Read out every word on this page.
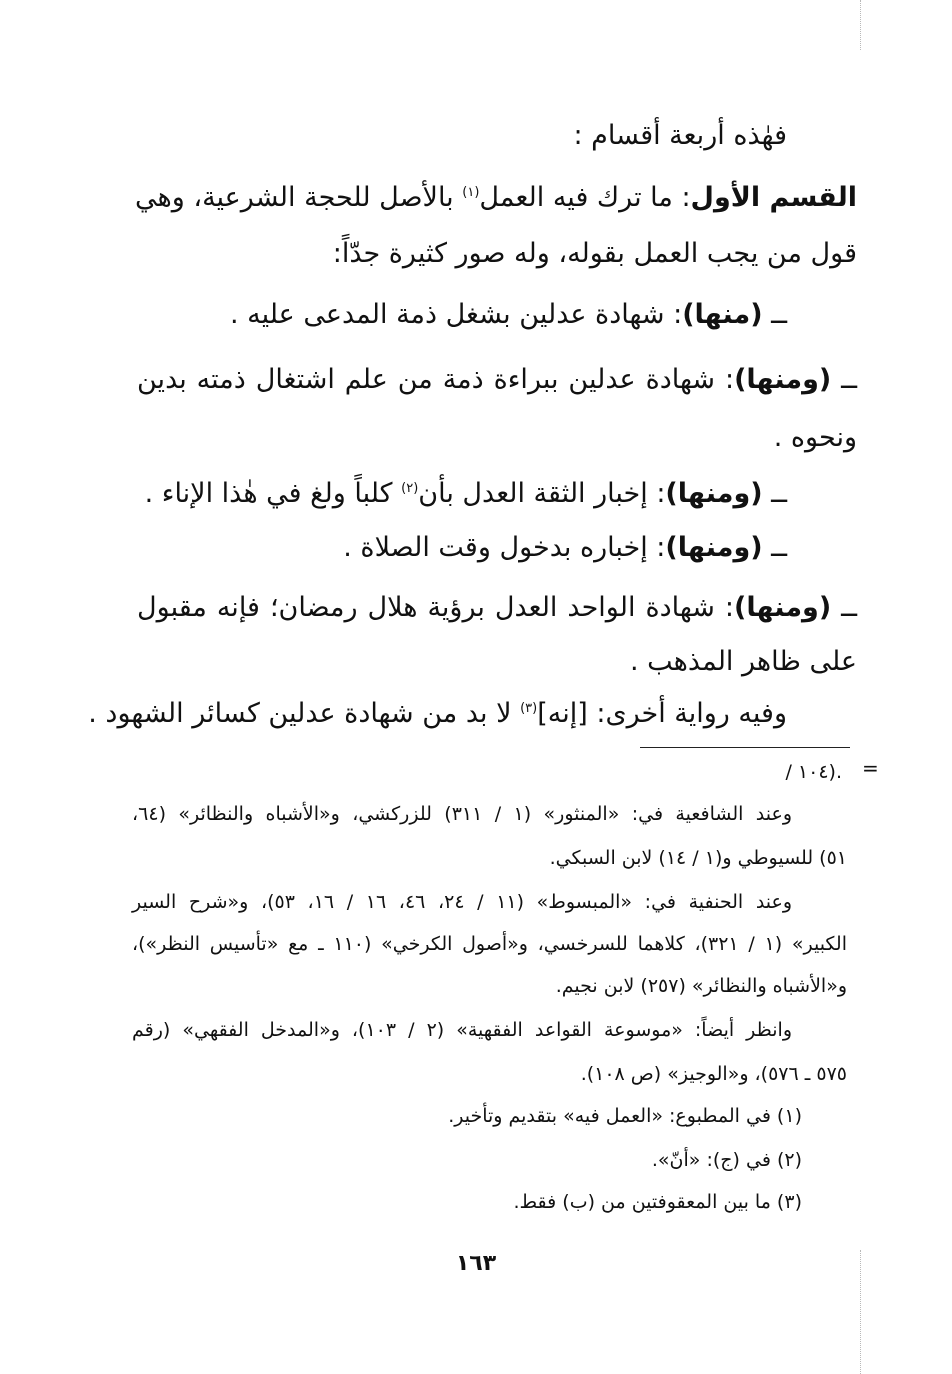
فهٰذه أربعة أقسام :
القسم الأول: ما ترك فيه العمل$^{(١)}$ بالأصل للحجة الشرعية، وهي
قول من يجب العمل بقوله، وله صور كثيرة جدّاً:
ــ (منها): شهادة عدلين بشغل ذمة المدعى عليه .
ــ (ومنها): شهادة عدلين ببراءة ذمة من علم اشتغال ذمته بدين
ونحوه .
ــ (ومنها): إخبار الثقة العدل بأن$^{(٢)}$ كلباً ولغ في هٰذا الإناء .
ــ (ومنها): إخباره بدخول وقت الصلاة .
ــ (ومنها): شهادة الواحد العدل برؤية هلال رمضان؛ فإنه مقبول
على ظاهر المذهب .
وفيه رواية أخرى: [إنه]$^{(٣)}$ لا بد من شهادة عدلين كسائر الشهود .
=
/ ١٠٤).
وعند الشافعية في: «المنثور» (١ / ٣١١) للزركشي، و«الأشباه والنظائر» (٦٤،
٥١) للسيوطي و(١ / ١٤) لابن السبكي.
وعند الحنفية في: «المبسوط» (١١ / ٢٤، ٤٦، ١٦ / ١٦، ٥٣)، و«شرح السير
الكبير» (١ / ٣٢١)، كلاهما للسرخسي، و«أصول الكرخي» (١١٠ ـ مع «تأسيس النظر»)،
و«الأشباه والنظائر» (٢٥٧) لابن نجيم.
وانظر أيضاً: «موسوعة القواعد الفقهية» (٢ / ١٠٣)، و«المدخل الفقهي» (رقم
٥٧٥ ـ ٥٧٦)، و«الوجيز» (ص ١٠٨).
(١) في المطبوع: «العمل فيه» بتقديم وتأخير.
(٢) في (ج): «أنّ».
(٣) ما بين المعقوفتين من (ب) فقط.
١٦٣
